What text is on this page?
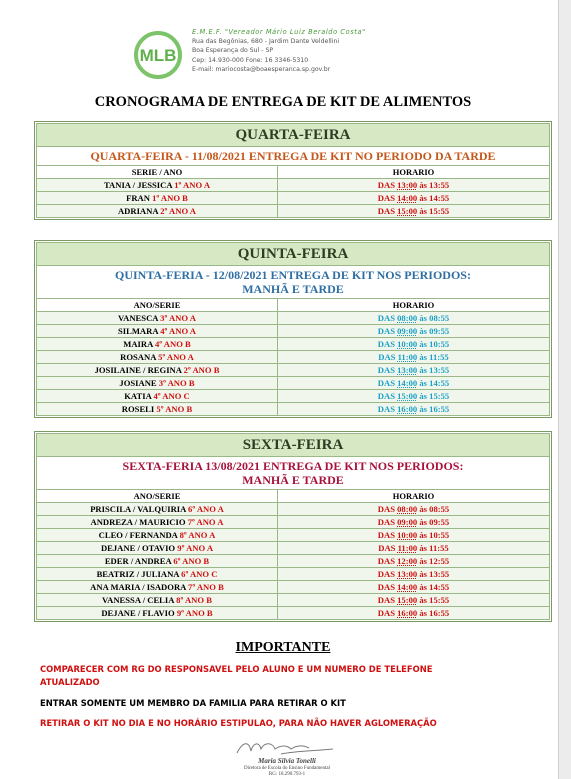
MLB
E.M.E.F. "Vereador Mário Luiz Beraldo Costa"
Rua das Begônias, 680 - Jardim Dante Veldellini
Boa Esperança do Sul - SP
Cep: 14.930-000 Fone: 16 3346-5310
E-mail: mariocosta@boaesperanca.sp.gov.br
CRONOGRAMA DE ENTREGA DE KIT DE ALIMENTOS
QUARTA-FEIRA
QUARTA-FEIRA - 11/08/2021 ENTREGA DE KIT NO PERIODO DA TARDE
SERIE / ANO	HORARIO
TANIA / JESSICA 1º ANO A	DAS 13:00 às 13:55
FRAN 1º ANO B	DAS 14:00 às 14:55
ADRIANA 2º ANO A	DAS 15:00 às 15:55
QUINTA-FEIRA
QUINTA-FERIA - 12/08/2021 ENTREGA DE KIT NOS PERIODOS:
MANHÃ E TARDE
ANO/SERIE	HORARIO
VANESCA 3º ANO A	DAS 08:00 às 08:55
SILMARA 4º ANO A	DAS 09:00 às 09:55
MAIRA 4º ANO B	DAS 10:00 às 10:55
ROSANA 5º ANO A	DAS 11:00 às 11:55
JOSILAINE / REGINA 2º ANO B	DAS 13:00 às 13:55
JOSIANE 3º ANO B	DAS 14:00 às 14:55
KATIA 4º ANO C	DAS 15:00 às 15:55
ROSELI 5º ANO B	DAS 16:00 às 16:55
SEXTA-FEIRA
SEXTA-FERIA 13/08/2021 ENTREGA DE KIT NOS PERIODOS:
MANHÃ E TARDE
ANO/SERIE	HORARIO
PRISCILA / VALQUIRIA 6º ANO A	DAS 08:00 às 08:55
ANDREZA / MAURICIO 7º ANO A	DAS 09:00 às 09:55
CLEO / FERNANDA 8º ANO A	DAS 10:00 às 10:55
DEJANE / OTAVIO 9º ANO A	DAS 11:00 às 11:55
EDER / ANDREA 6º ANO B	DAS 12:00 às 12:55
BEATRIZ / JULIANA 6º ANO C	DAS 13:00 às 13:55
ANA MARIA / ISADORA 7º ANO B	DAS 14:00 às 14:55
VANESSA / CELIA 8º ANO B	DAS 15:00 às 15:55
DEJANE / FLAVIO 9º ANO B	DAS 16:00 às 16:55
IMPORTANTE
COMPARECER COM RG DO RESPONSAVEL PELO ALUNO E UM NUMERO DE TELEFONE ATUALIZADO
ENTRAR SOMENTE UM MEMBRO DA FAMILIA PARA RETIRAR O KIT
RETIRAR O KIT NO DIA E NO HORÁRIO ESTIPULAO, PARA NÃO HAVER AGLOMERAÇÃO
Maria Silvia Tonelli
Diretora de Escola do Ensino Fundamental
RG: 18.290.793-1
